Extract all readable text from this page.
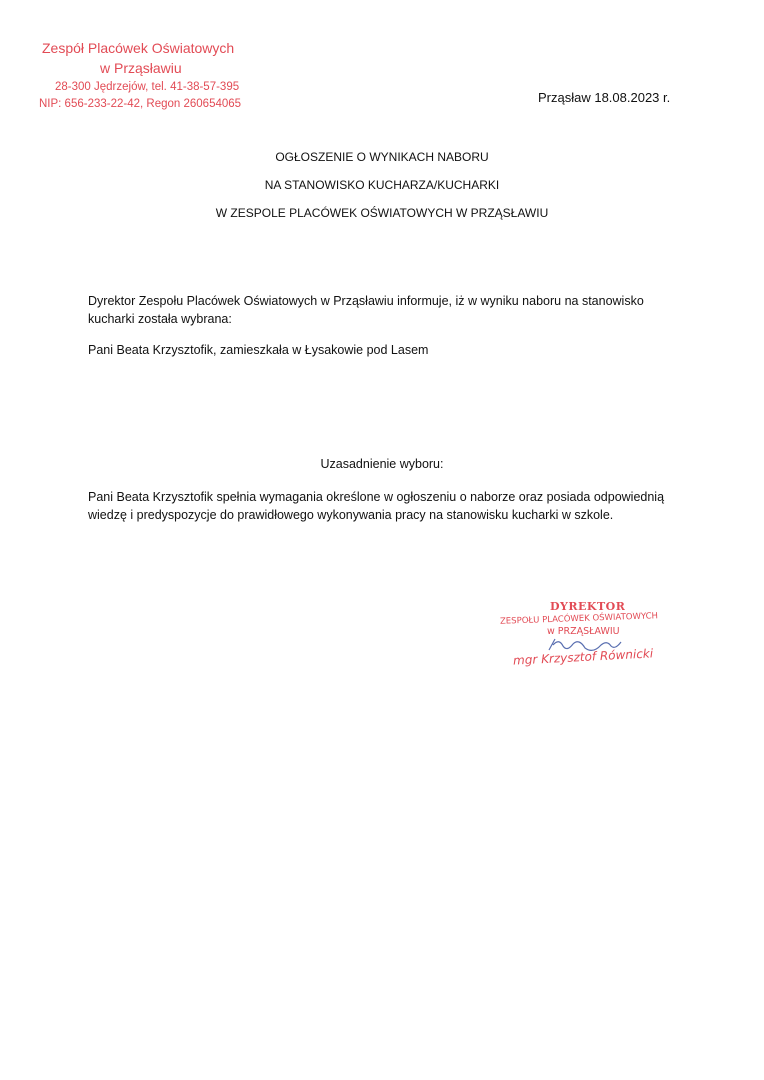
Zespół Placówek Oświatowych
w Prząsławiu
28-300 Jędrzejów, tel. 41-38-57-395
NIP: 656-233-22-42, Regon 260654065	Prząsław 18.08.2023 r.
OGŁOSZENIE O WYNIKACH NABORU
NA STANOWISKO KUCHARZA/KUCHARKI
W ZESPOLE PLACÓWEK OŚWIATOWYCH W PRZĄSŁAWIU
Dyrektor Zespołu Placówek Oświatowych w Prząsławiu informuje, iż w wyniku naboru na stanowisko kucharki została wybrana:
Pani Beata Krzysztofik, zamieszkała w Łysakowie pod Lasem
Uzasadnienie wyboru:
Pani Beata Krzysztofik spełnia wymagania określone w ogłoszeniu o naborze oraz posiada odpowiednią wiedzę i predyspozycje do prawidłowego wykonywania pracy na stanowisku kucharki w szkole.
DYREKTOR
ZESPOŁU PLACÓWEK OŚWIATOWYCH
w PRZĄSŁAWIU
mgr Krzysztof Równicki
